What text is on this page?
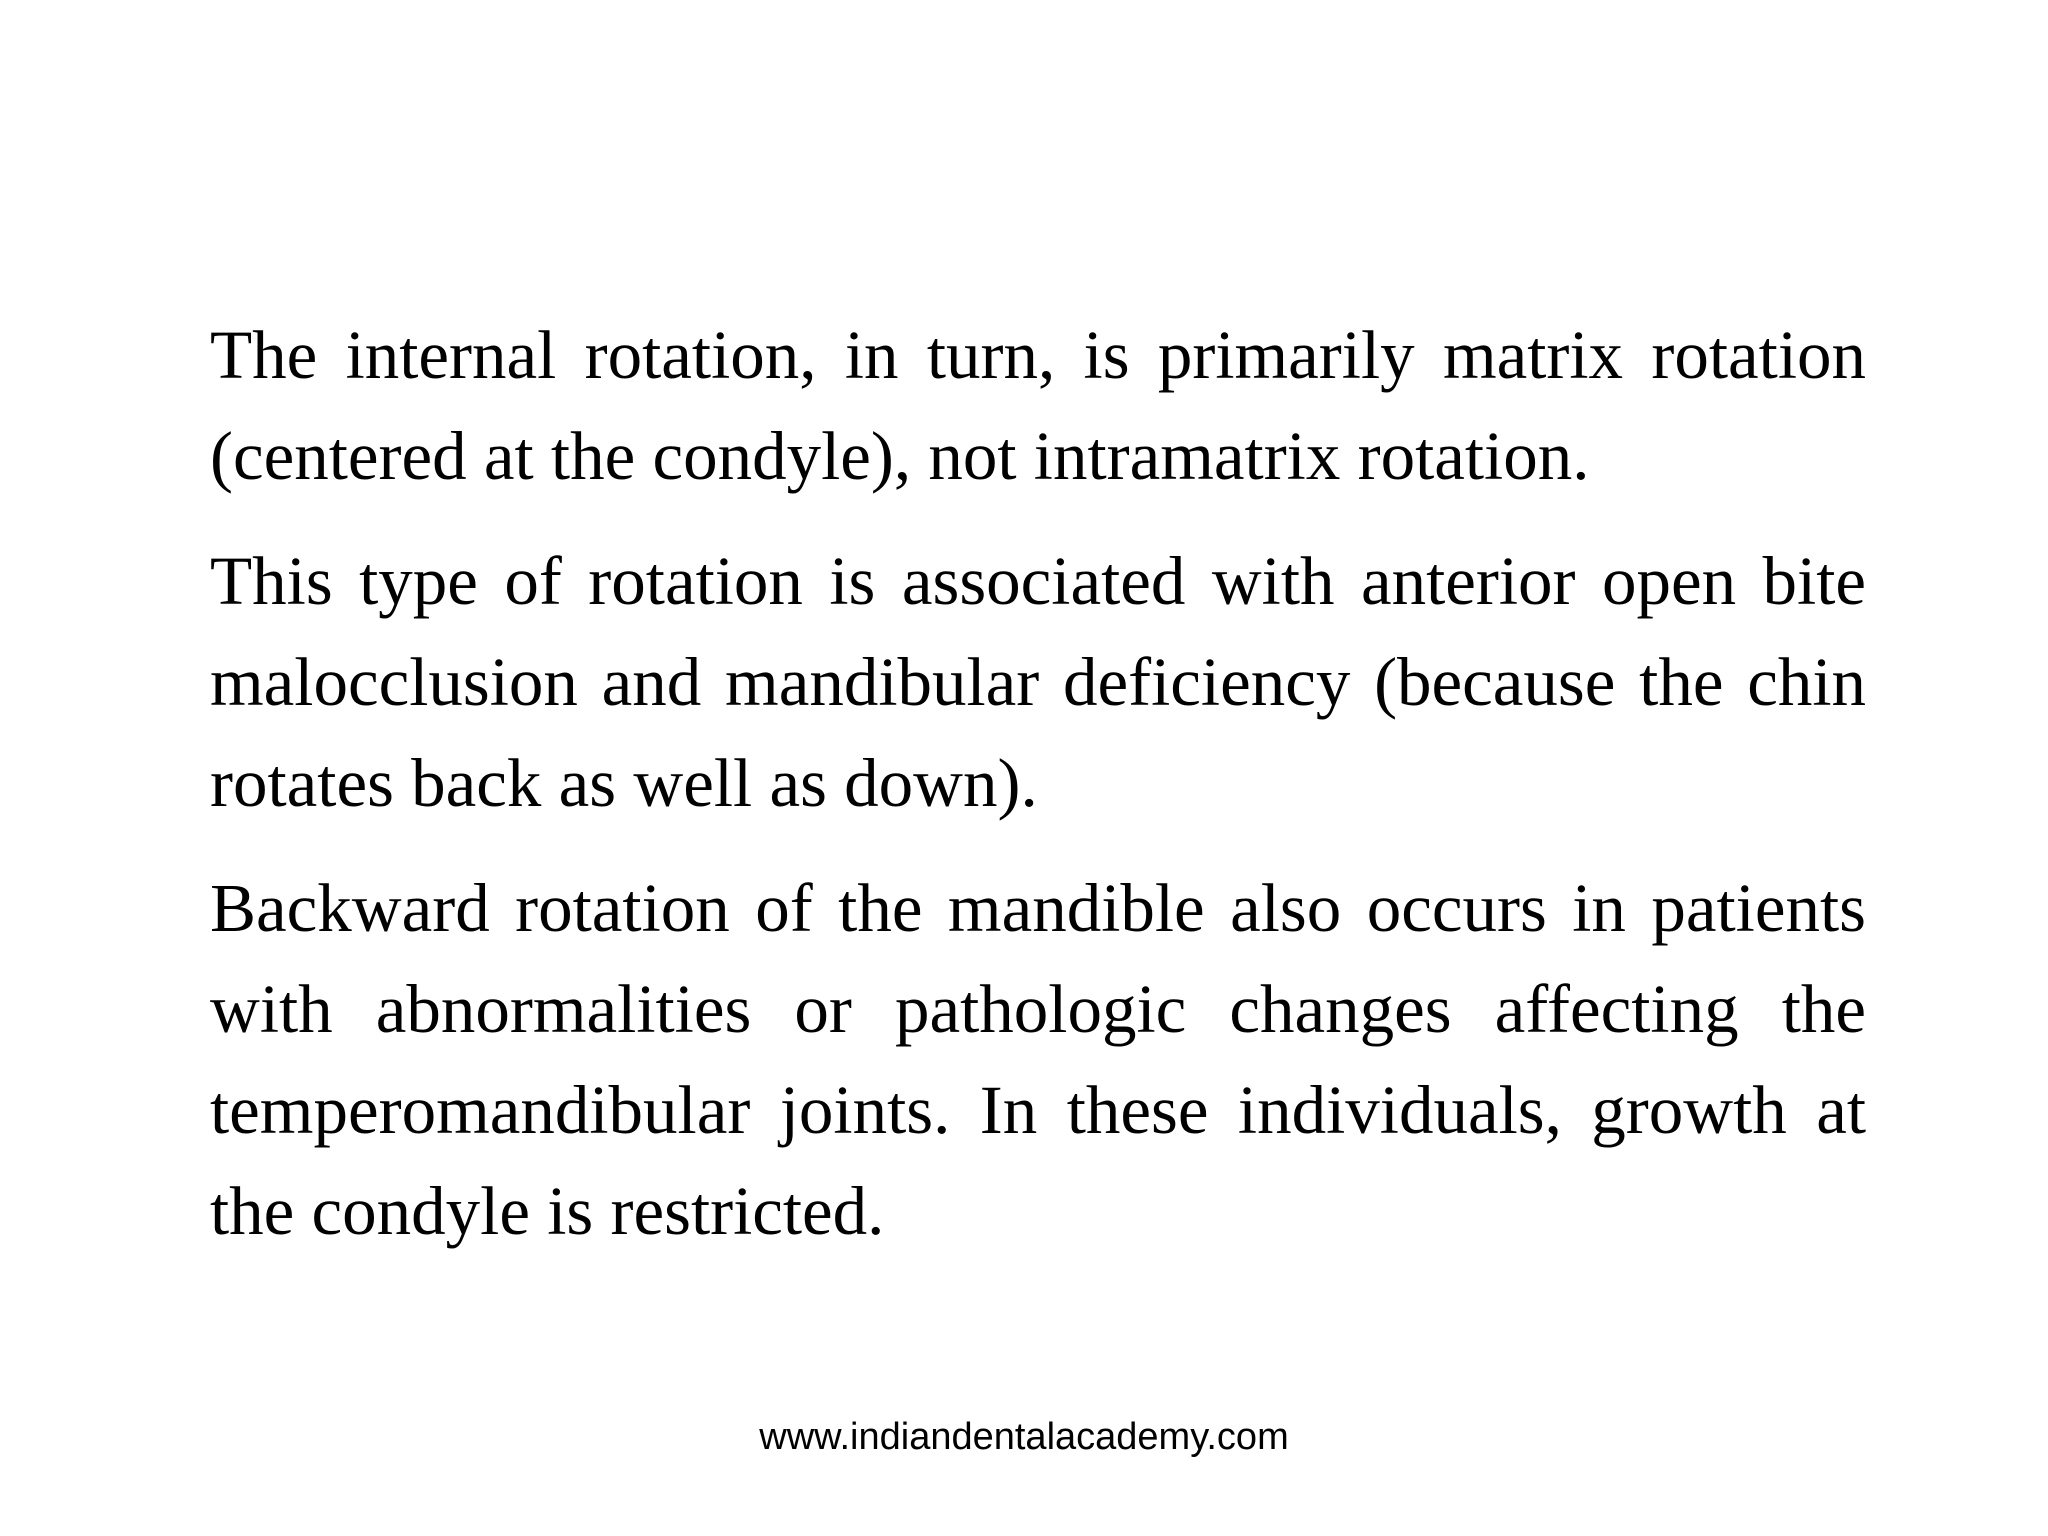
The internal rotation, in turn, is primarily matrix rotation (centered at the condyle), not intramatrix rotation.

This type of rotation is associated with anterior open bite malocclusion and mandibular deficiency (because the chin rotates back as well as down).

Backward rotation of the mandible also occurs in patients with abnormalities or pathologic changes affecting the temperomandibular joints. In these individuals, growth at the condyle is restricted.

www.indiandentalacademy.com
